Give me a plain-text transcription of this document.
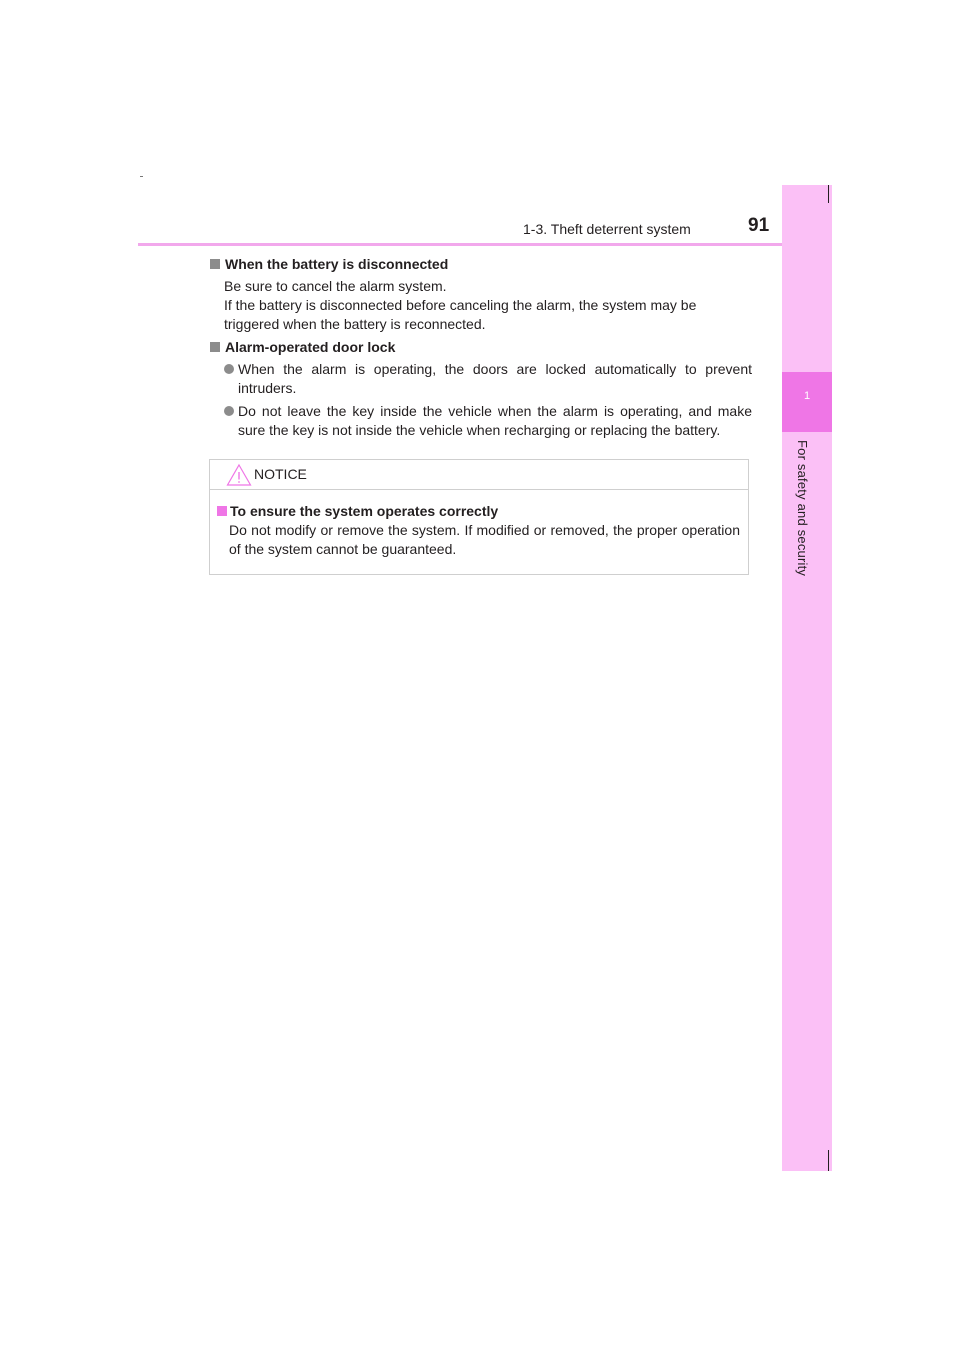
1-3. Theft deterrent system	91
1
For safety and security

When the battery is disconnected

Be sure to cancel the alarm system.

If the battery is disconnected before canceling the alarm, the system may be triggered when the battery is reconnected.

Alarm-operated door lock

When the alarm is operating, the doors are locked automatically to prevent intruders.

Do not leave the key inside the vehicle when the alarm is operating, and make sure the key is not inside the vehicle when recharging or replacing the battery.

NOTICE

To ensure the system operates correctly

Do not modify or remove the system. If modified or removed, the proper operation of the system cannot be guaranteed.
